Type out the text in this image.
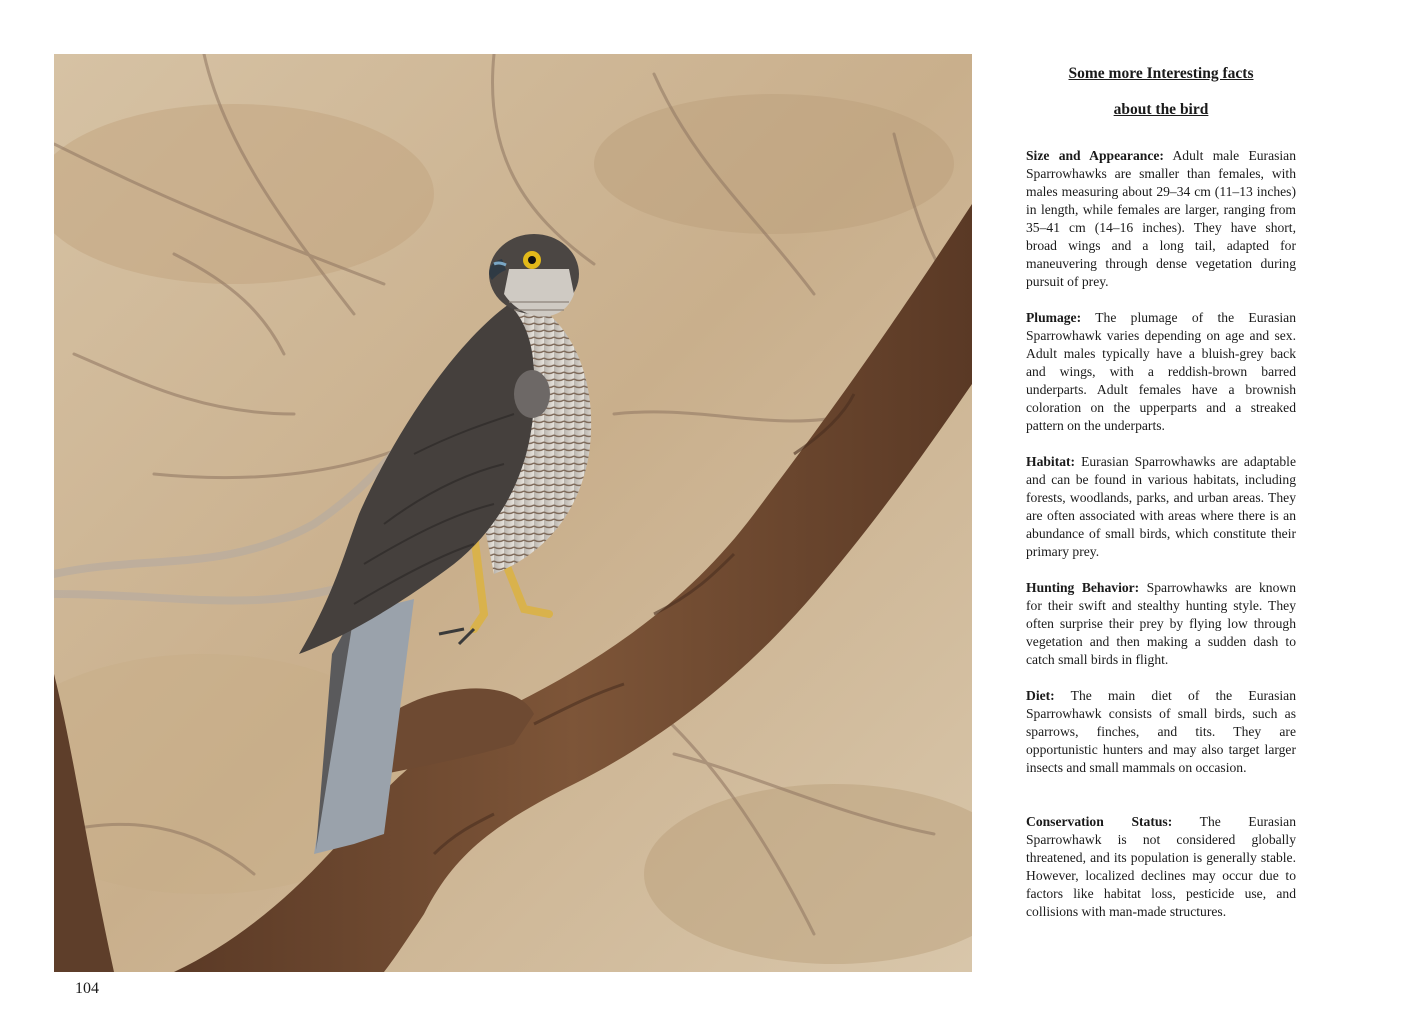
104

Some more Interesting facts

about the bird

Size and Appearance: Adult male Eurasian Sparrowhawks are smaller than females, with males measuring about 29–34 cm (11–13 inches) in length, while females are larger, ranging from 35–41 cm (14–16 inches). They have short, broad wings and a long tail, adapted for maneuvering through dense vegetation during pursuit of prey.

Plumage: The plumage of the Eurasian Sparrowhawk varies depending on age and sex. Adult males typically have a bluish-grey back and wings, with a reddish-brown barred underparts. Adult females have a brownish coloration on the upperparts and a streaked pattern on the underparts.

Habitat: Eurasian Sparrowhawks are adaptable and can be found in various habitats, including forests, woodlands, parks, and urban areas. They are often associated with areas where there is an abundance of small birds, which constitute their primary prey.

Hunting Behavior: Sparrowhawks are known for their swift and stealthy hunting style. They often surprise their prey by flying low through vegetation and then making a sudden dash to catch small birds in flight.

Diet: The main diet of the Eurasian Sparrowhawk consists of small birds, such as sparrows, finches, and tits. They are opportunistic hunters and may also target larger insects and small mammals on occasion.

Conservation Status: The Eurasian Sparrowhawk is not considered globally threatened, and its population is generally stable. However, localized declines may occur due to factors like habitat loss, pesticide use, and collisions with man-made structures.
